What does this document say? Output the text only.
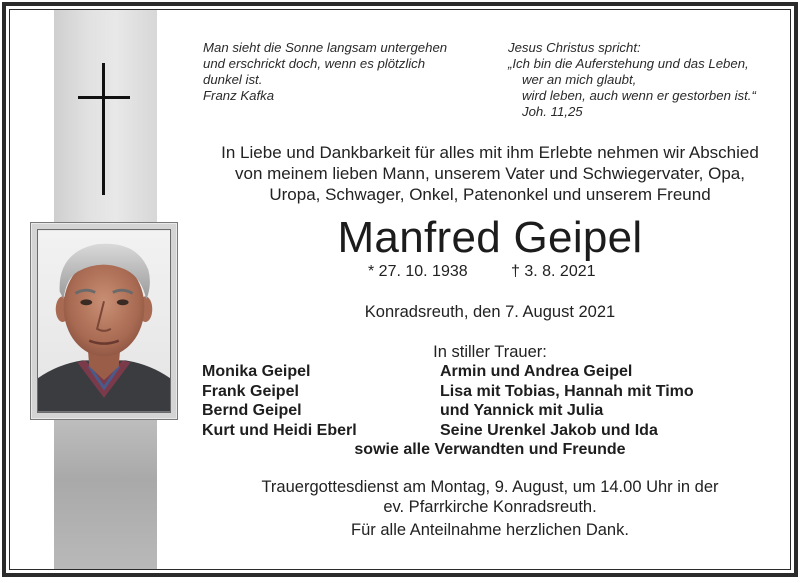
Man sieht die Sonne langsam untergehen
und erschrickt doch, wenn es plötzlich
dunkel ist.
Franz Kafka
Jesus Christus spricht:
„Ich bin die Auferstehung und das Leben,
wer an mich glaubt,
wird leben, auch wenn er gestorben ist.“
Joh. 11,25
In Liebe und Dankbarkeit für alles mit ihm Erlebte nehmen wir Abschied
von meinem lieben Mann, unserem Vater und Schwiegervater, Opa,
Uropa, Schwager, Onkel, Patenonkel und unserem Freund
Manfred Geipel
* 27. 10. 1938	† 3. 8. 2021
Konradsreuth, den 7. August 2021
In stiller Trauer:
Monika Geipel
Frank Geipel
Bernd Geipel
Kurt und Heidi Eberl
Armin und Andrea Geipel
Lisa mit Tobias, Hannah mit Timo
und Yannick mit Julia
Seine Urenkel Jakob und Ida
sowie alle Verwandten und Freunde
Trauergottesdienst am Montag, 9. August, um 14.00 Uhr in der
ev. Pfarrkirche Konradsreuth.
Für alle Anteilnahme herzlichen Dank.
